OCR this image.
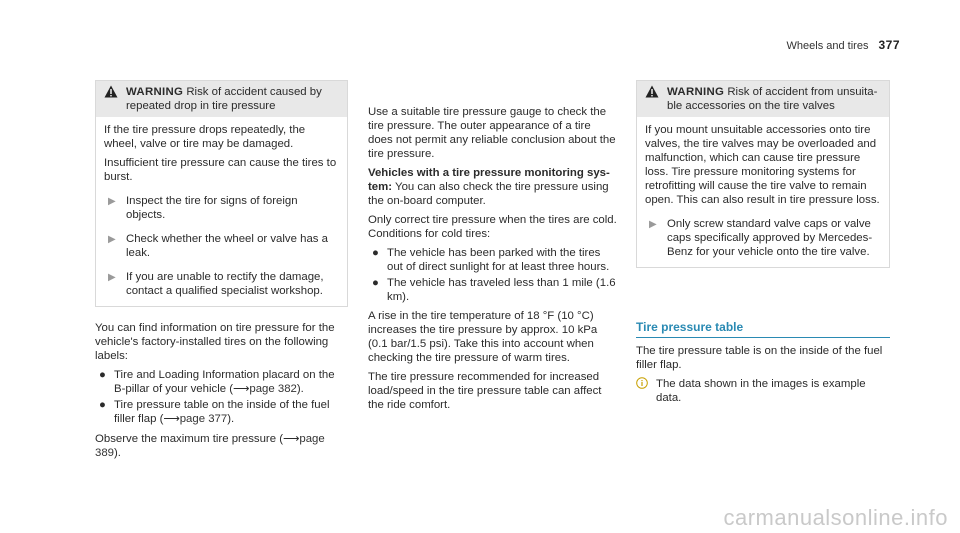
Wheels and tires 377
WARNING Risk of accident caused by repeated drop in tire pressure

If the tire pressure drops repeatedly, the wheel, valve or tire may be damaged.

Insufficient tire pressure can cause the tires to burst.

▶ Inspect the tire for signs of foreign objects.
▶ Check whether the wheel or valve has a leak.
▶ If you are unable to rectify the damage, contact a qualified specialist workshop.

You can find information on tire pressure for the vehicle's factory-installed tires on the following labels:

● Tire and Loading Information placard on the B-pillar of your vehicle (⟶page 382).
● Tire pressure table on the inside of the fuel filler flap (⟶page 377).

Observe the maximum tire pressure (⟶page 389).

Use a suitable tire pressure gauge to check the tire pressure. The outer appearance of a tire does not permit any reliable conclusion about the tire pressure.

Vehicles with a tire pressure monitoring sys-tem: You can also check the tire pressure using the on-board computer.

Only correct tire pressure when the tires are cold. Conditions for cold tires:

● The vehicle has been parked with the tires out of direct sunlight for at least three hours.
● The vehicle has traveled less than 1 mile (1.6 km).

A rise in the tire temperature of 18 °F (10 °C) increases the tire pressure by approx. 10 kPa (0.1 bar/1.5 psi). Take this into account when checking the tire pressure of warm tires.

The tire pressure recommended for increased load/speed in the tire pressure table can affect the ride comfort.

WARNING Risk of accident from unsuita-ble accessories on the tire valves

If you mount unsuitable accessories onto tire valves, the tire valves may be overloaded and malfunction, which can cause tire pressure loss. Tire pressure monitoring systems for retrofitting will cause the tire valve to remain open. This can also result in tire pressure loss.

▶ Only screw standard valve caps or valve caps specifically approved by Mercedes-Benz for your vehicle onto the tire valve.
Tire pressure table

The tire pressure table is on the inside of the fuel filler flap.

The data shown in the images is example data.
carmanualsonline.info
